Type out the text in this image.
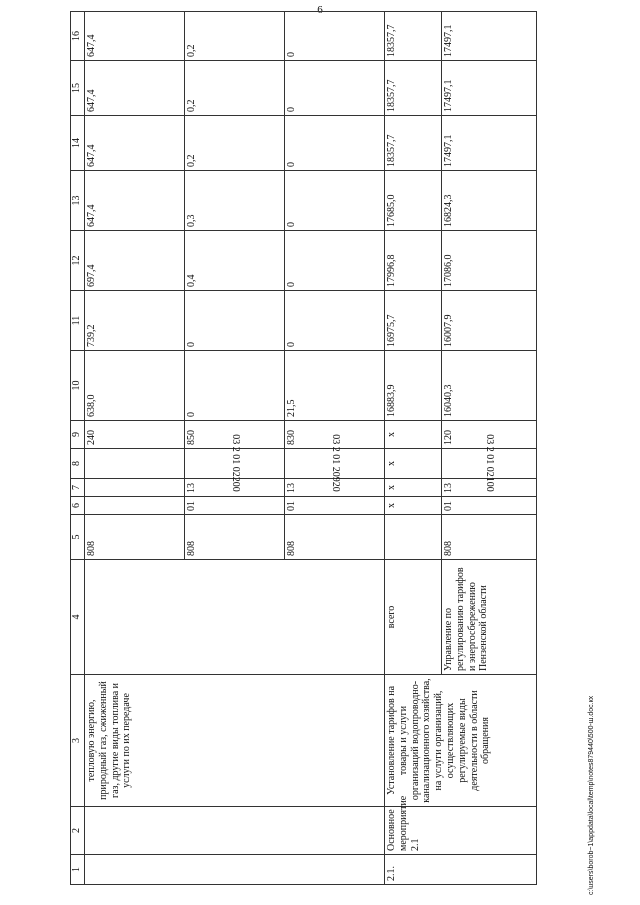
6
1	2	3	4	5	6	7	8	9	10	11	12	13	14	15	16
		тепловую энергию, природный газ, сжиженный газ, другие виды топлива и услуги по их передаче		808				240	638,0	739,2	697,4	647,4	647,4	647,4	647,4
				808	01	13	03 2 01 02200	850	0	0	0,4	0,3	0,2	0,2	0,2
				808	01	13	03 2 01 20920	830	21,5	0	0	0	0	0	0
2.1.	Основное мероприятие 2.1	Установление тарифов на товары и услуги организаций водопроводно-канализационного хозяйства, на услуги организаций, осуществляющих регулируемые виды деятельности в области обращения	всего		x	x	x	x	16883,9	16975,7	17996,8	17685,0	18357,7	18357,7	18357,7
			Управление по регулированию тарифов и энергосбережению Пензенской области	808	01	13	03 2 01 02100	120	16040,3	16007,9	17086,0	16824,3	17497,1	17497,1	17497,1
c:\users\borob~1\appdata\local\temp\notes879440\500-ш.doc.кх
